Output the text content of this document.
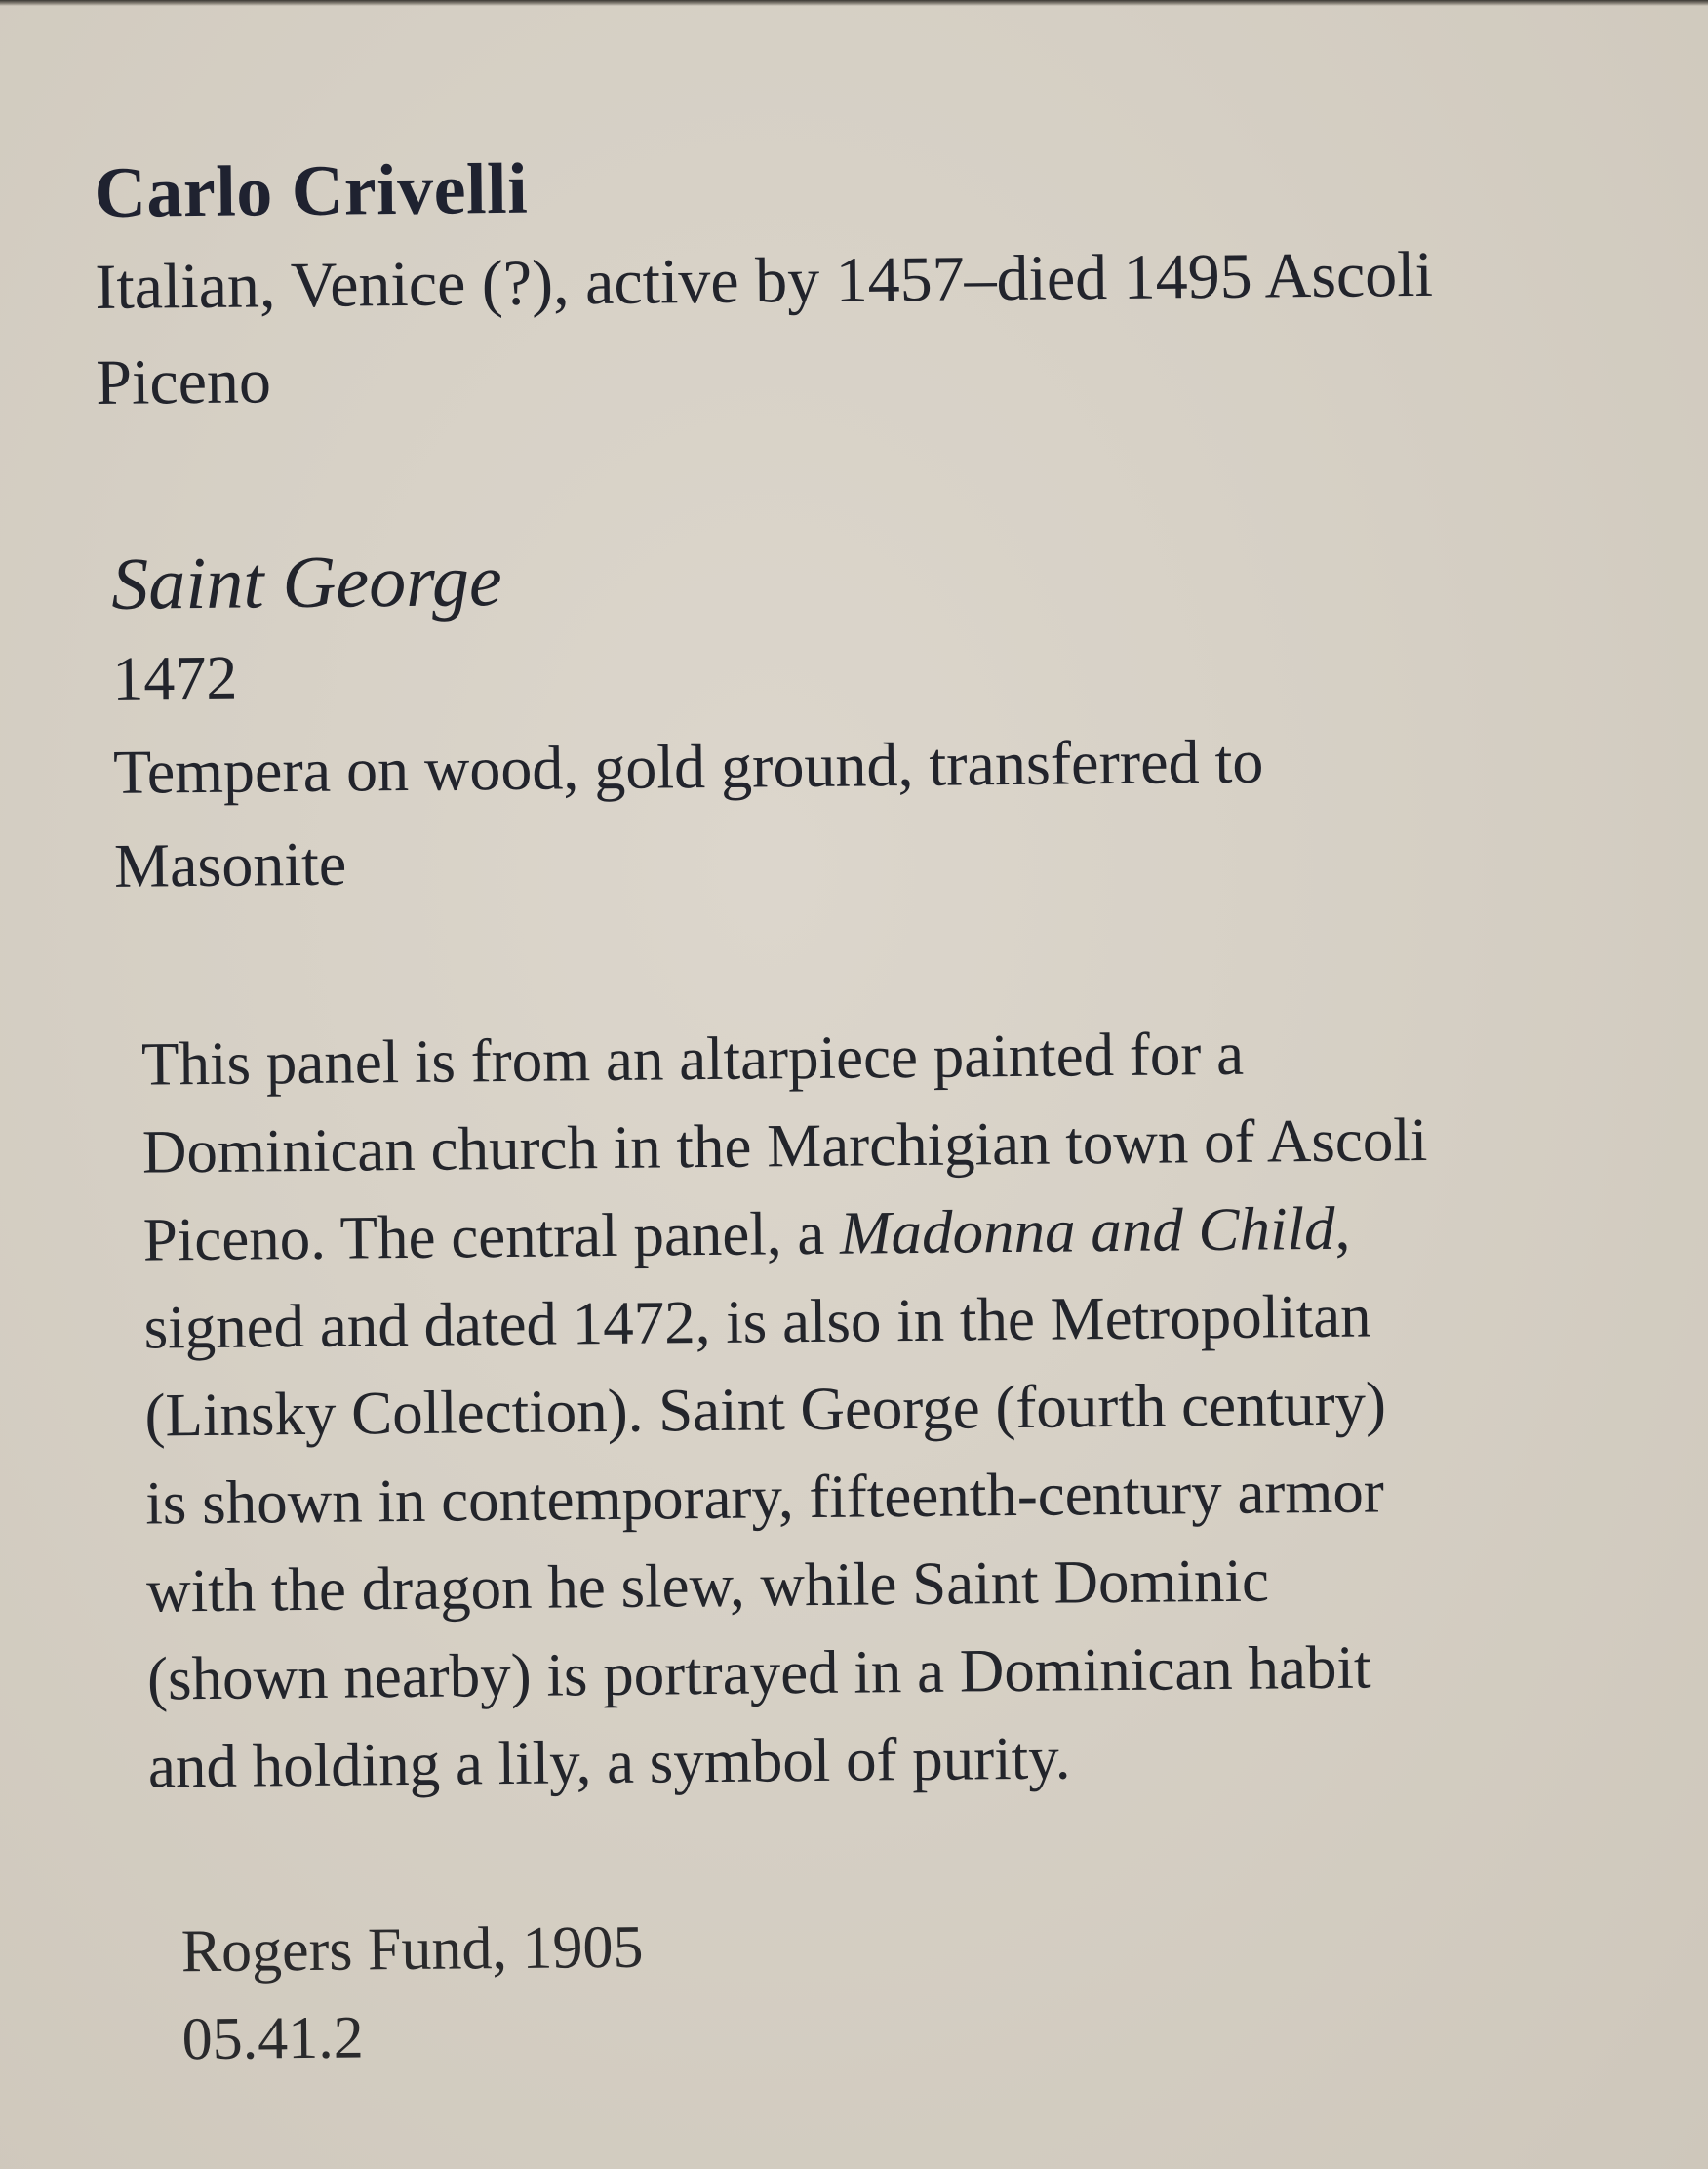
Carlo Crivelli
Italian, Venice (?), active by 1457–died 1495 Ascoli
Piceno
Saint George
1472
Tempera on wood, gold ground, transferred to
Masonite
This panel is from an altarpiece painted for a
Dominican church in the Marchigian town of Ascoli
Piceno. The central panel, a Madonna and Child,
signed and dated 1472, is also in the Metropolitan
(Linsky Collection). Saint George (fourth century)
is shown in contemporary, fifteenth-century armor
with the dragon he slew, while Saint Dominic
(shown nearby) is portrayed in a Dominican habit
and holding a lily, a symbol of purity.
Rogers Fund, 1905
05.41.2
